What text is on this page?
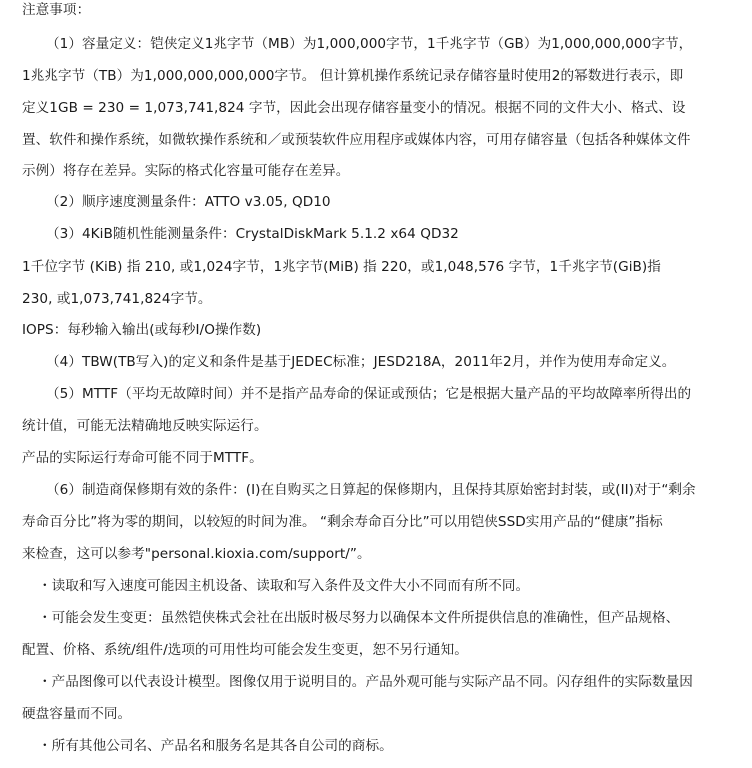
注意事项：
（1）容量定义：铠侠定义1兆字节（MB）为1,000,000字节，1千兆字节（GB）为1,000,000,000字节，
1兆兆字节（TB）为1,000,000,000,000字节。 但计算机操作系统记录存储容量时使用2的幂数进行表示，即
定义1GB = 230 = 1,073,741,824 字节，因此会出现存储容量变小的情况。根据不同的文件大小、格式、设
置、软件和操作系统，如微软操作系统和／或预装软件应用程序或媒体内容，可用存储容量（包括各种媒体文件
示例）将存在差异。实际的格式化容量可能存在差异。
（2）顺序速度测量条件：ATTO v3.05, QD10
（3）4KiB随机性能测量条件：CrystalDiskMark 5.1.2 x64 QD32
1千位字节 (KiB) 指 210, 或1,024字节，1兆字节(MiB) 指 220，或1,048,576 字节，1千兆字节(GiB)指
230, 或1,073,741,824字节。
IOPS：每秒输入输出(或每秒I/O操作数)
（4）TBW(TB写入)的定义和条件是基于JEDEC标准；JESD218A，2011年2月，并作为使用寿命定义。
（5）MTTF（平均无故障时间）并不是指产品寿命的保证或预估；它是根据大量产品的平均故障率所得出的
统计值，可能无法精确地反映实际运行。
产品的实际运行寿命可能不同于MTTF。
（6）制造商保修期有效的条件：(I)在自购买之日算起的保修期内，且保持其原始密封封装，或(II)对于“剩余
寿命百分比”将为零的期间，以较短的时间为准。 “剩余寿命百分比”可以用铠侠SSD实用产品的“健康”指标
来检查，这可以参考"personal.kioxia.com/support/”。
・读取和写入速度可能因主机设备、读取和写入条件及文件大小不同而有所不同。
・可能会发生变更：虽然铠侠株式会社在出版时极尽努力以确保本文件所提供信息的准确性，但产品规格、
配置、价格、系统/组件/选项的可用性均可能会发生变更，恕不另行通知。
・产品图像可以代表设计模型。图像仅用于说明目的。产品外观可能与实际产品不同。闪存组件的实际数量因
硬盘容量而不同。
・所有其他公司名、产品名和服务名是其各自公司的商标。
